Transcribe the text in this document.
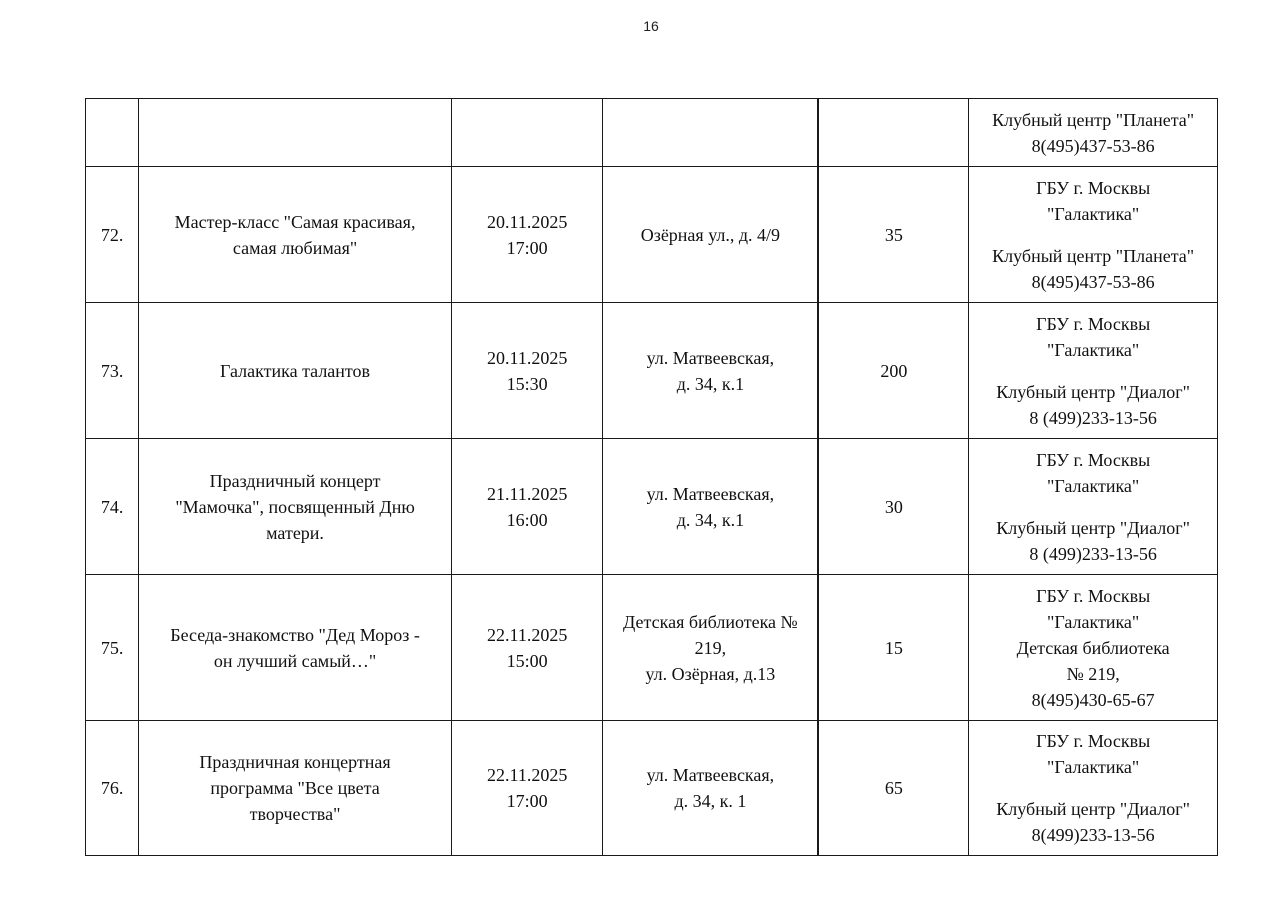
16

					Клубный центр "Планета"
8(495)437-53-86

72.	Мастер-класс "Самая красивая,
самая любимая"	20.11.2025
17:00	Озёрная ул., д. 4/9	35	ГБУ г. Москвы
"Галактика"
Клубный центр "Планета"
8(495)437-53-86

73.	Галактика талантов	20.11.2025
15:30	ул. Матвеевская,
д. 34, к.1	200	ГБУ г. Москвы
"Галактика"
Клубный центр "Диалог"
8 (499)233-13-56

74.	Праздничный концерт
"Мамочка", посвященный Дню
матери.	21.11.2025
16:00	ул. Матвеевская,
д. 34, к.1	30	ГБУ г. Москвы
"Галактика"
Клубный центр "Диалог"
8 (499)233-13-56

75.	Беседа-знакомство "Дед Мороз -
он лучший самый…"	22.11.2025
15:00	Детская библиотека №
219,
ул. Озёрная, д.13	15	ГБУ г. Москвы
"Галактика"
Детская библиотека
№ 219,
8(495)430-65-67

76.	Праздничная концертная
программа "Все цвета
творчества"	22.11.2025
17:00	ул. Матвеевская,
д. 34, к. 1	65	ГБУ г. Москвы
"Галактика"
Клубный центр "Диалог"
8(499)233-13-56
